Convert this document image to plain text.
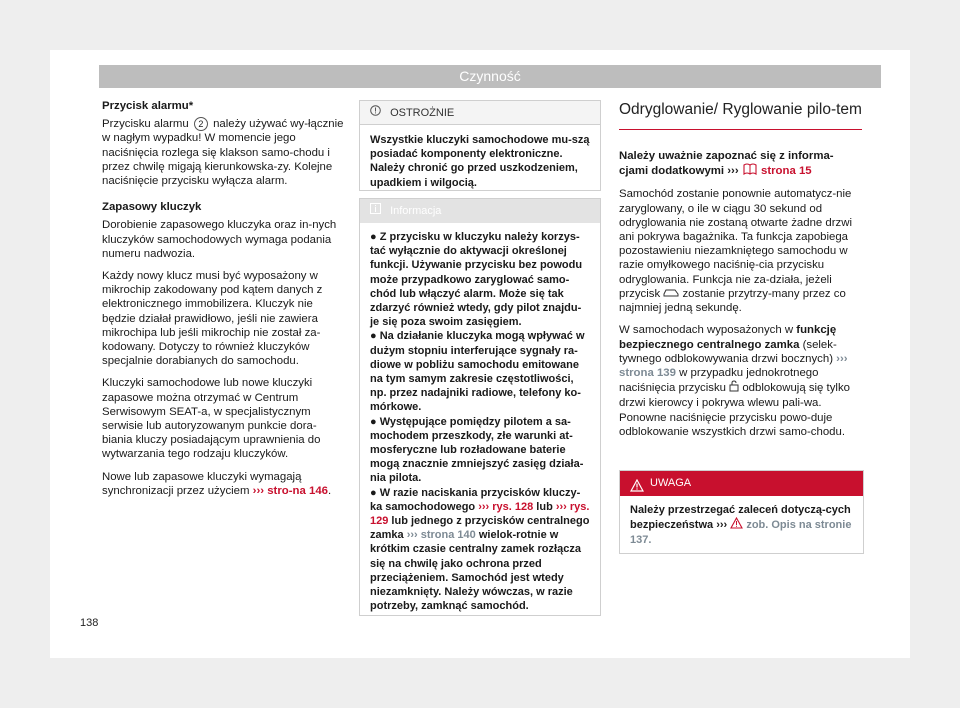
Czynność

Przycisk alarmu*

Przycisku alarmu 2 należy używać wy-łącznie w nagłym wypadku! W momencie jego naciśnięcia rozlega się klakson samo-chodu i przez chwilę migają kierunkowska-zy. Kolejne naciśnięcie przycisku wyłącza alarm.

Zapasowy kluczyk

Dorobienie zapasowego kluczyka oraz in-nych kluczyków samochodowych wymaga podania numeru nadwozia.

Każdy nowy klucz musi być wyposażony w mikrochip zakodowany pod kątem danych z elektronicznego immobilizera. Kluczyk nie będzie działał prawidłowo, jeśli nie zawiera mikrochipa lub jeśli mikrochip nie został za-kodowany. Dotyczy to również kluczyków specjalnie dorabianych do samochodu.

Kluczyki samochodowe lub nowe kluczyki zapasowe można otrzymać w Centrum Serwisowym SEAT-a, w specjalistycznym serwisie lub autoryzowanym punkcie dora-biania kluczy posiadającym uprawnienia do wytwarzania tego rodzaju kluczyków.

Nowe lub zapasowe kluczyki wymagają synchronizacji przez użyciem ››› stro-na 146.

OSTROŻNIE
Wszystkie kluczyki samochodowe mu-szą posiadać komponenty elektroniczne. Należy chronić go przed uszkodzeniem, upadkiem i wilgocią.
Informacja

● Z przycisku w kluczyku należy korzys-tać wyłącznie do aktywacji określonej funkcji. Używanie przycisku bez powodu może przypadkowo zaryglować samo-chód lub włączyć alarm. Może się tak zdarzyć również wtedy, gdy pilot znajdu-je się poza swoim zasięgiem.

● Na działanie kluczyka mogą wpływać w dużym stopniu interferujące sygnały ra-diowe w pobliżu samochodu emitowane na tym samym zakresie częstotliwości, np. przez nadajniki radiowe, telefony ko-mórkowe.

● Występujące pomiędzy pilotem a sa-mochodem przeszkody, złe warunki at-mosferyczne lub rozładowane baterie mogą znacznie zmniejszyć zasięg działa-nia pilota.

● W razie naciskania przycisków kluczy-ka samochodowego ››› rys. 128 lub ››› rys. 129 lub jednego z przycisków centralnego zamka ››› strona 140 wielok-rotnie w krótkim czasie centralny zamek rozłącza się na chwilę jako ochrona przed przeciążeniem. Samochód jest wtedy niezamknięty. Należy wówczas, w razie potrzeby, zamknąć samochód.

Odryglowanie/ Ryglowanie pilo-tem

Należy uważnie zapoznać się z informa-cjami dodatkowymi ››› strona 15

Samochód zostanie ponownie automatycz-nie zaryglowany, o ile w ciągu 30 sekund od odryglowania nie zostaną otwarte żadne drzwi ani pokrywa bagażnika. Ta funkcja zapobiega pozostawieniu niezamkniętego samochodu w razie omyłkowego naciśnię-cia przycisku odryglowania. Funkcja nie za-działa, jeżeli przycisk zostanie przytrzy-many przez co najmniej jedną sekundę.

W samochodach wyposażonych w funkcję bezpiecznego centralnego zamka (selek-tywnego odblokowywania drzwi bocznych) ››› strona 139 w przypadku jednokrotnego naciśnięcia przycisku odblokowują się tylko drzwi kierowcy i pokrywa wlewu pali-wa. Ponowne naciśnięcie przycisku powo-duje odblokowanie wszystkich drzwi samo-chodu.

UWAGA
Należy przestrzegać zaleceń dotyczą-cych bezpieczeństwa ››› zob. Opis na stronie 137.
138
